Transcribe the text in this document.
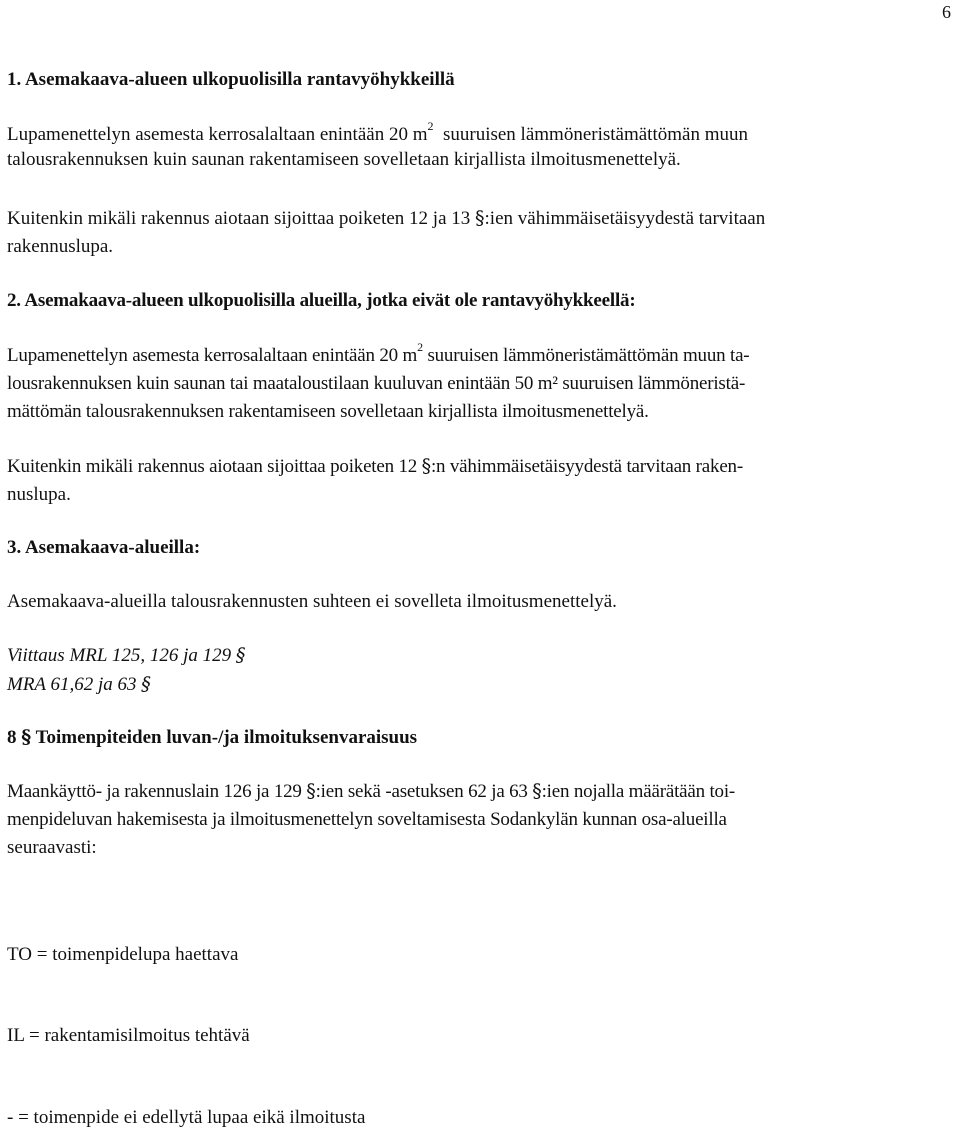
6
1. Asemakaava-alueen ulkopuolisilla rantavyöhykkeillä
Lupamenettelyn asemesta kerrosalaltaan enintään 20 $m^2$  suuruisen lämmöneristämättömän muun
talousrakennuksen kuin saunan rakentamiseen sovelletaan kirjallista ilmoitusmenettelyä.
Kuitenkin mikäli rakennus aiotaan sijoittaa poiketen 12 ja 13 §:ien vähimmäisetäisyydestä tarvitaan
rakennuslupa.
2. Asemakaava-alueen ulkopuolisilla alueilla, jotka eivät ole rantavyöhykkeellä:
Lupamenettelyn asemesta kerrosalaltaan enintään 20 $m^2$ suuruisen lämmöneristämättömän muun ta-
lousrakennuksen kuin saunan tai maataloustilaan kuuluvan enintään 50 m² suuruisen lämmöneristä-
mättömän talousrakennuksen rakentamiseen sovelletaan kirjallista ilmoitusmenettelyä.
Kuitenkin mikäli rakennus aiotaan sijoittaa poiketen 12 §:n vähimmäisetäisyydestä tarvitaan raken-
nuslupa.
3. Asemakaava-alueilla:
Asemakaava-alueilla talousrakennusten suhteen ei sovelleta ilmoitusmenettelyä.
Viittaus MRL 125, 126 ja 129 §
MRA 61,62 ja 63 §
8 § Toimenpiteiden luvan-/ja ilmoituksenvaraisuus
Maankäyttö- ja rakennuslain 126 ja 129 §:ien sekä -asetuksen 62 ja 63 §:ien nojalla määrätään toi-
menpideluvan hakemisesta ja ilmoitusmenettelyn soveltamisesta Sodankylän kunnan osa-alueilla
seuraavasti:
TO = toimenpidelupa haettava
IL = rakentamisilmoitus tehtävä
- = toimenpide ei edellytä lupaa eikä ilmoitusta
